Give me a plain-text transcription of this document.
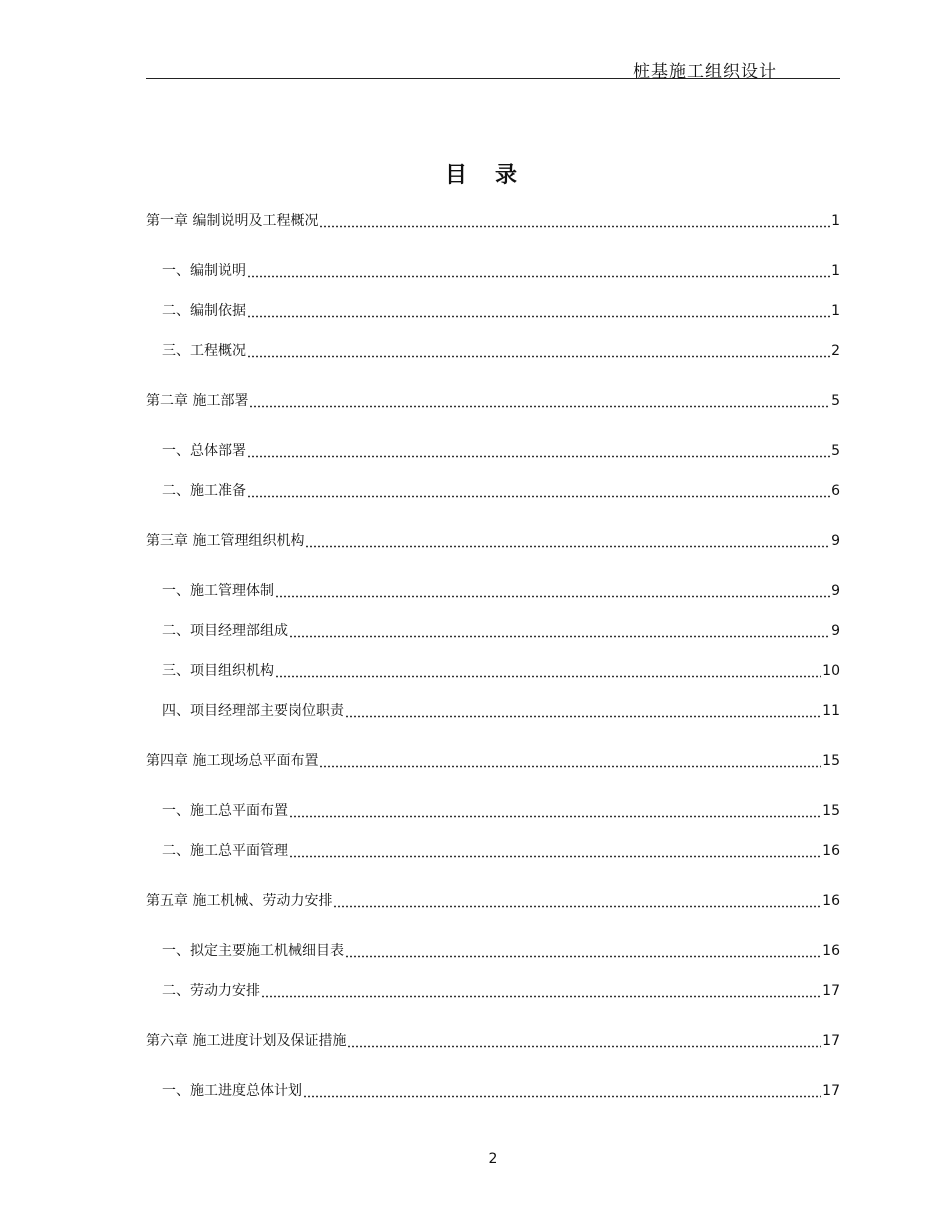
桩基施工组织设计
目录
第一章 编制说明及工程概况	1
一、编制说明	1
二、编制依据	1
三、工程概况	2
第二章 施工部署	5
一、总体部署	5
二、施工准备	6
第三章 施工管理组织机构	9
一、施工管理体制	9
二、项目经理部组成	9
三、项目组织机构	10
四、项目经理部主要岗位职责	11
第四章 施工现场总平面布置	15
一、施工总平面布置	15
二、施工总平面管理	16
第五章 施工机械、劳动力安排	16
一、拟定主要施工机械细目表	16
二、劳动力安排	17
第六章 施工进度计划及保证措施	17
一、施工进度总体计划	17
2
